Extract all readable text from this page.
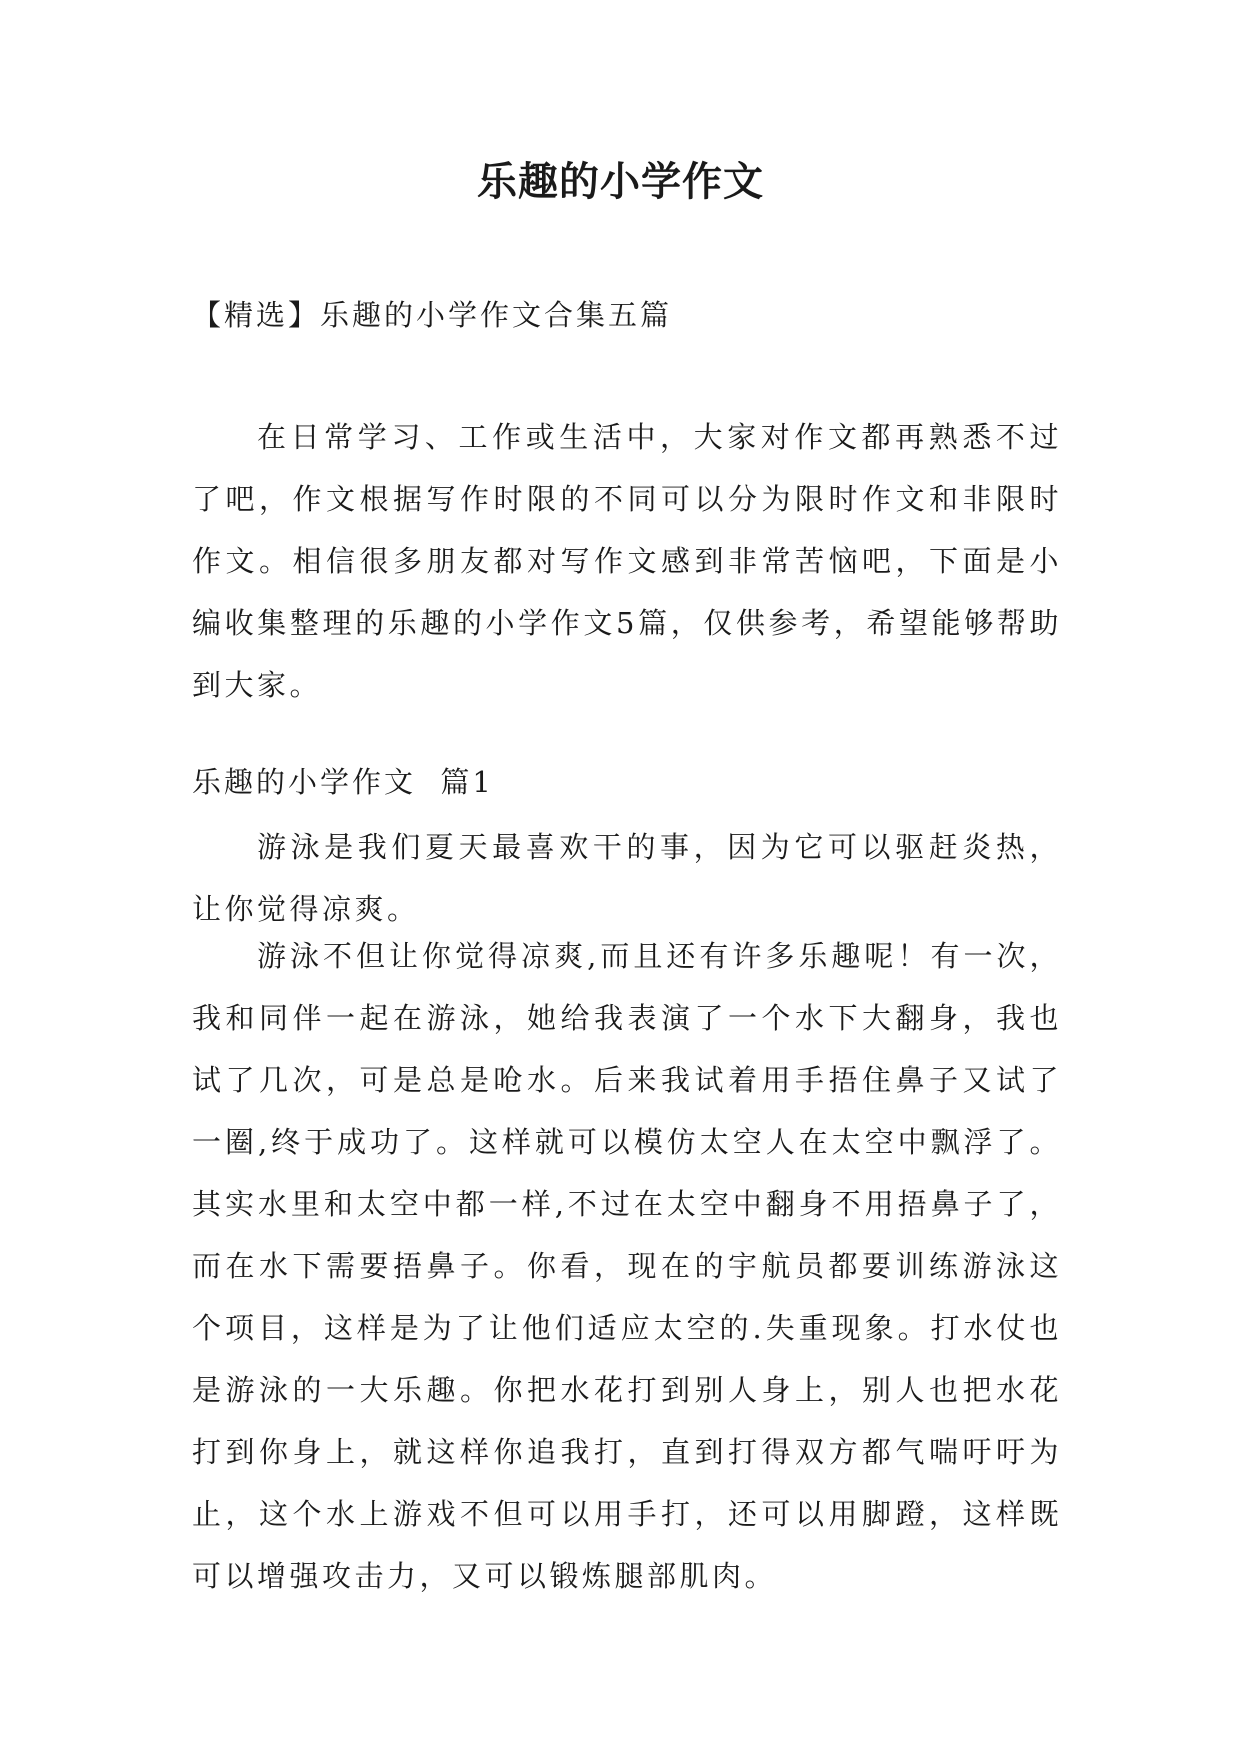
乐趣的小学作文

【精选】乐趣的小学作文合集五篇

在日常学习、工作或生活中，大家对作文都再熟悉不过了吧，作文根据写作时限的不同可以分为限时作文和非限时作文。相信很多朋友都对写作文感到非常苦恼吧，下面是小编收集整理的乐趣的小学作文5篇，仅供参考，希望能够帮助到大家。

乐趣的小学作文  篇1

游泳是我们夏天最喜欢干的事，因为它可以驱赶炎热，让你觉得凉爽。

游泳不但让你觉得凉爽,而且还有许多乐趣呢！有一次，我和同伴一起在游泳，她给我表演了一个水下大翻身，我也试了几次，可是总是呛水。后来我试着用手捂住鼻子又试了一圈,终于成功了。这样就可以模仿太空人在太空中飘浮了。其实水里和太空中都一样,不过在太空中翻身不用捂鼻子了，而在水下需要捂鼻子。你看，现在的宇航员都要训练游泳这个项目，这样是为了让他们适应太空的.失重现象。打水仗也是游泳的一大乐趣。你把水花打到别人身上，别人也把水花打到你身上，就这样你追我打，直到打得双方都气喘吁吁为止，这个水上游戏不但可以用手打，还可以用脚蹬，这样既可以增强攻击力，又可以锻炼腿部肌肉。
